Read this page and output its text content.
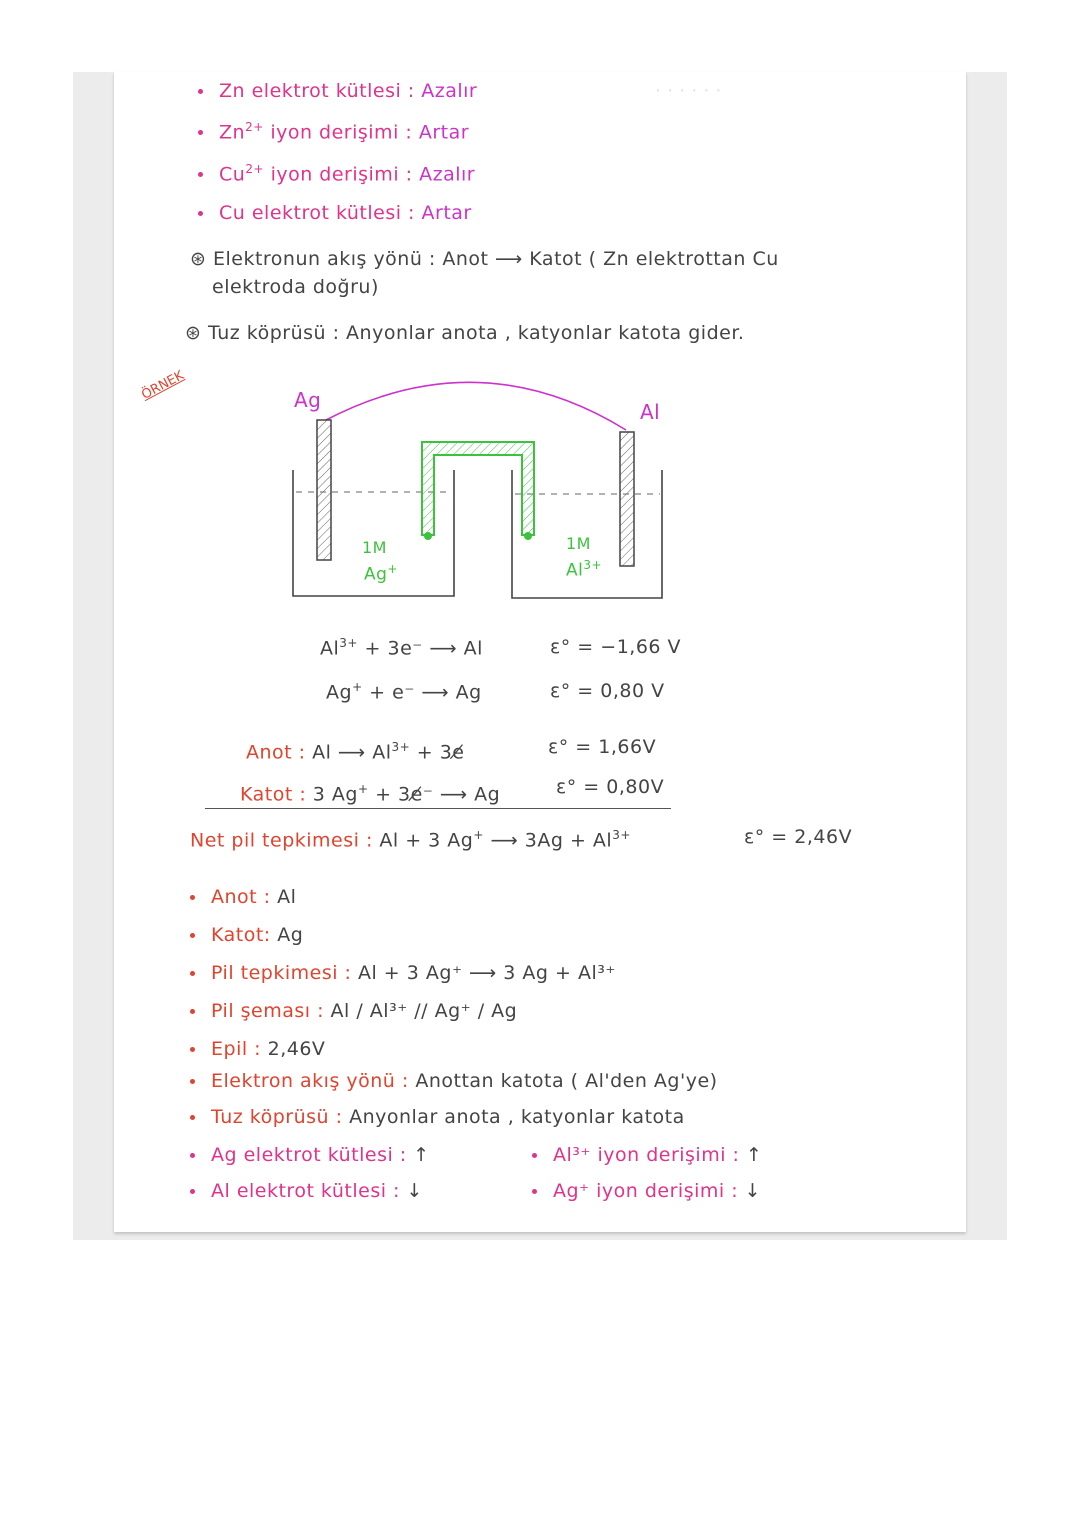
· · · · · ·
Zn elektrot kütlesi : Azalır
$Zn^{2+}$ iyon derişimi : Artar
$Cu^{2+}$ iyon derişimi : Azalır
Cu elektrot kütlesi : Artar
⊛ Elektronun akış yönü : Anot ⟶ Katot ( Zn elektrottan Cu
elektroda doğru)
⊛ Tuz köprüsü : Anyonlar anota , katyonlar katota gider.
ÖRNEK	Ag	Al
1M
Ag+
1M
$Al^{3+}$
$Al^{3+} + 3e^-$ ⟶ Al	ε° = −1,66 V
Ag+ + e⁻ ⟶ Ag	ε° = 0,80 V
Anot : Al ⟶ $Al^{3+}$ + 3e̸	ε° = 1,66V
Katot : 3 Ag+ + 3e̸⁻ ⟶ Ag	ε° = 0,80V
Net pil tepkimesi : Al + 3 Ag+ ⟶ $3Ag + Al^{3+}$	ε° = 2,46V
Anot : Al
Katot: Ag
Pil tepkimesi : Al + 3 Ag⁺ ⟶ 3 Ag + Al³⁺
Pil şeması : Al / Al³⁺ // Ag⁺ / Ag
Epil : 2,46V
Elektron akış yönü : Anottan katota ( Al'den Ag'ye)
Tuz köprüsü : Anyonlar anota , katyonlar katota
Ag elektrot kütlesi : ↑
Al elektrot kütlesi : ↓
Al³⁺ iyon derişimi : ↑
Ag⁺ iyon derişimi : ↓
